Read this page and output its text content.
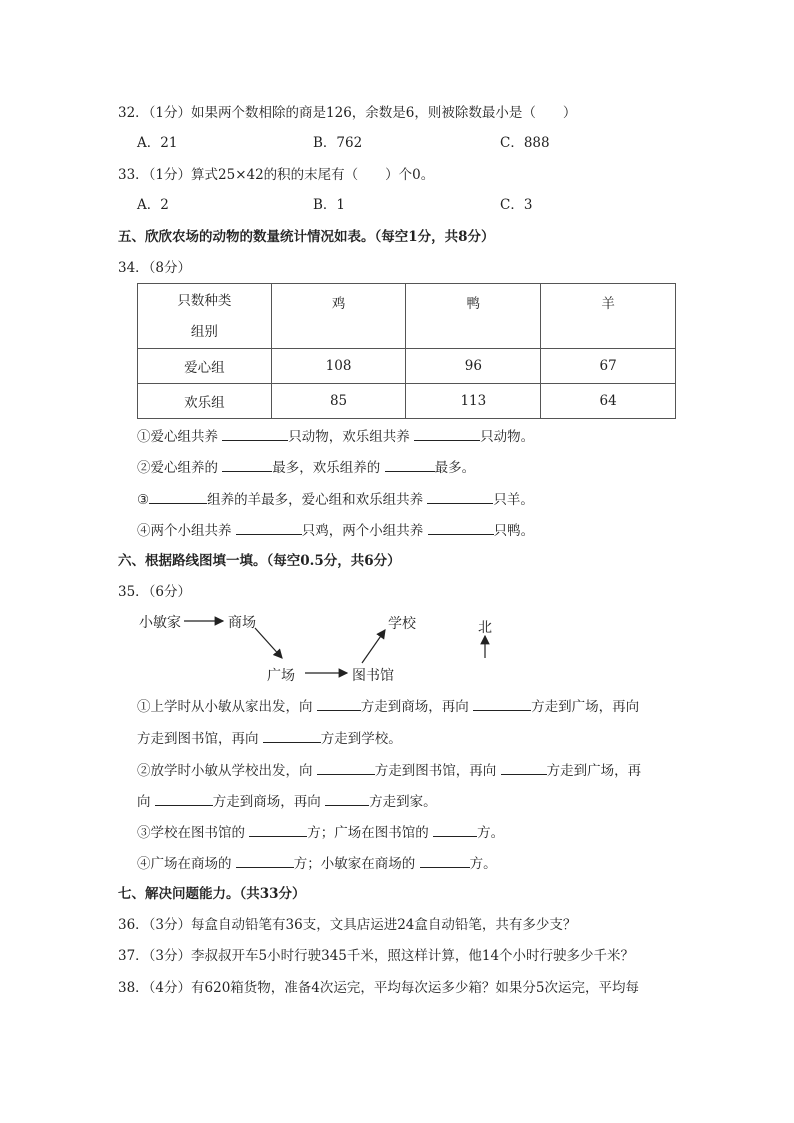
32．（1分）如果两个数相除的商是126，余数是6，则被除数最小是（　　）
A．21	B．762	C．888
33．（1分）算式25×42的积的末尾有（　　）个0。
A．2	B．1	C．3
五、欣欣农场的动物的数量统计情况如表。（每空1分，共8分）
34．（8分）
只数种类
组别	鸡	鸭	羊

爱心组	108	96	67
欢乐组	85	113	64
①爱心组共养	只动物，欢乐组共养	只动物。
②爱心组养的	最多，欢乐组养的	最多。
③	组养的羊最多，爱心组和欢乐组共养	只羊。
④两个小组共养	只鸡，两个小组共养	只鸭。
六、根据路线图填一填。（每空0.5分，共6分）
35．（6分）
小敏家	商场	学校	北
广场	图书馆
①上学时从小敏从家出发，向	方走到商场，再向	方走到广场，再向
方走到图书馆，再向	方走到学校。
②放学时小敏从学校出发，向	方走到图书馆，再向	方走到广场，再
向	方走到商场，再向	方走到家。
③学校在图书馆的	方；广场在图书馆的	方。
④广场在商场的	方；小敏家在商场的	方。
七、解决问题能力。（共33分）
36．（3分）每盒自动铅笔有36支，文具店运进24盒自动铅笔，共有多少支？
37．（3分）李叔叔开车5小时行驶345千米，照这样计算，他14个小时行驶多少千米？
38．（4分）有620箱货物，准备4次运完，平均每次运多少箱？如果分5次运完，平均每
